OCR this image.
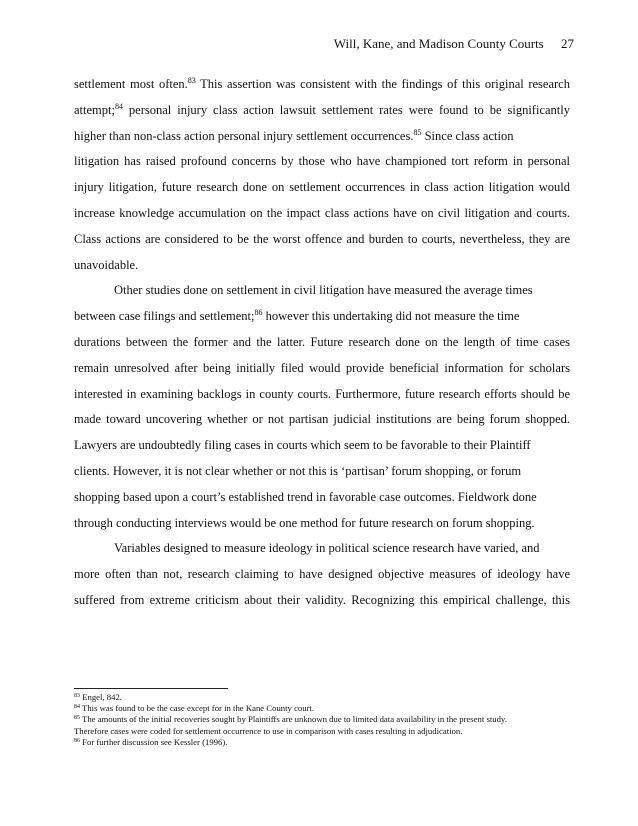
Will, Kane, and Madison County Courts 27
settlement most often.$^{83}$ This assertion was consistent with the findings of this original research
attempt;$^{84}$ personal injury class action lawsuit settlement rates were found to be significantly
higher than non-class action personal injury settlement occurrences.$^{85}$ Since class action
litigation has raised profound concerns by those who have championed tort reform in personal
injury litigation, future research done on settlement occurrences in class action litigation would
increase knowledge accumulation on the impact class actions have on civil litigation and courts.
Class actions are considered to be the worst offence and burden to courts, nevertheless, they are
unavoidable.
Other studies done on settlement in civil litigation have measured the average times
between case filings and settlement;$^{86}$ however this undertaking did not measure the time
durations between the former and the latter. Future research done on the length of time cases
remain unresolved after being initially filed would provide beneficial information for scholars
interested in examining backlogs in county courts. Furthermore, future research efforts should be
made toward uncovering whether or not partisan judicial institutions are being forum shopped.
Lawyers are undoubtedly filing cases in courts which seem to be favorable to their Plaintiff
clients. However, it is not clear whether or not this is ‘partisan’ forum shopping, or forum
shopping based upon a court’s established trend in favorable case outcomes. Fieldwork done
through conducting interviews would be one method for future research on forum shopping.
Variables designed to measure ideology in political science research have varied, and
more often than not, research claiming to have designed objective measures of ideology have
suffered from extreme criticism about their validity. Recognizing this empirical challenge, this
$^{83}$ Engel, 842.
$^{84}$ This was found to be the case except for in the Kane County court.
$^{85}$ The amounts of the initial recoveries sought by Plaintiffs are unknown due to limited data availability in the present study.
Therefore cases were coded for settlement occurrence to use in comparison with cases resulting in adjudication.
$^{86}$ For further discussion see Kessler (1996).
